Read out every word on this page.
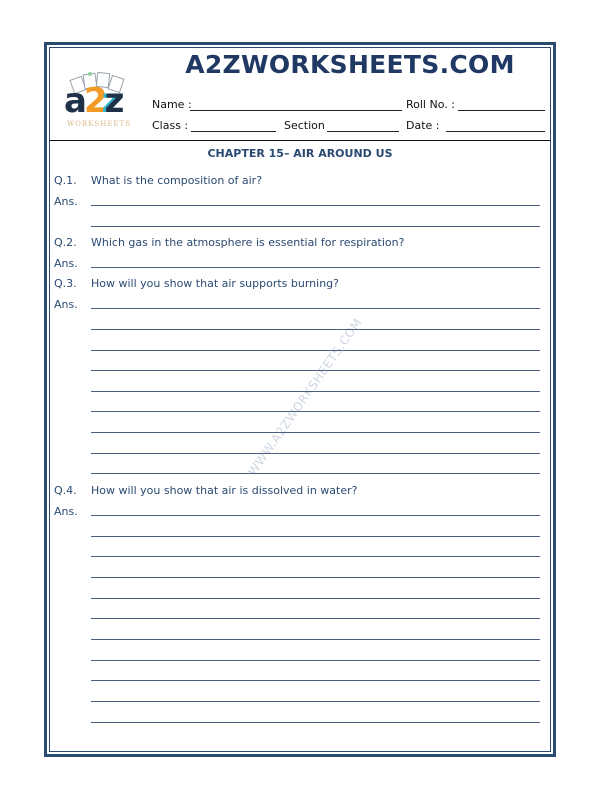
A2ZWORKSHEETS.COM
a2z
WORKSHEETS
Name :	Roll No. :
Class :	Section	Date :
CHAPTER 15– AIR AROUND US
WWW.A2ZWORKSHEETS.COM
Q.1. What is the composition of air?
Ans.
Q.2. Which gas in the atmosphere is essential for respiration?
Ans.
Q.3. How will you show that air supports burning?
Ans.
Q.4. How will you show that air is dissolved in water?
Ans.
